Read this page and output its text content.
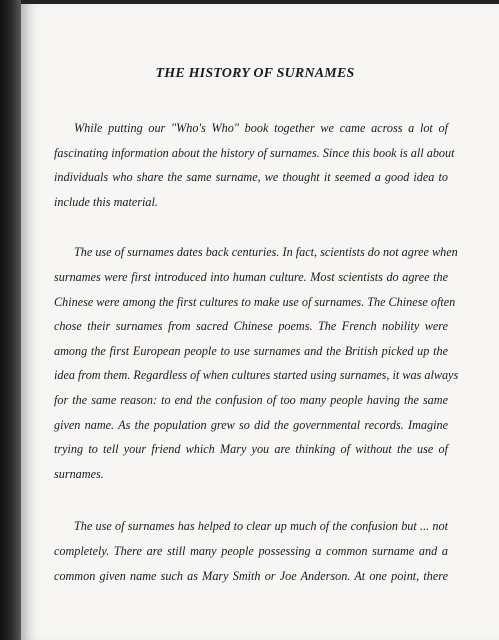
THE HISTORY OF SURNAMES
While putting our "Who's Who" book together we came across a lot of
fascinating information about the history of surnames. Since this book is all about
individuals who share the same surname, we thought it seemed a good idea to
include this material.
The use of surnames dates back centuries. In fact, scientists do not agree when
surnames were first introduced into human culture. Most scientists do agree the
Chinese were among the first cultures to make use of surnames. The Chinese often
chose their surnames from sacred Chinese poems. The French nobility were
among the first European people to use surnames and the British picked up the
idea from them. Regardless of when cultures started using surnames, it was always
for the same reason: to end the confusion of too many people having the same
given name. As the population grew so did the governmental records. Imagine
trying to tell your friend which Mary you are thinking of without the use of
surnames.
The use of surnames has helped to clear up much of the confusion but ... not
completely. There are still many people possessing a common surname and a
common given name such as Mary Smith or Joe Anderson. At one point, there
